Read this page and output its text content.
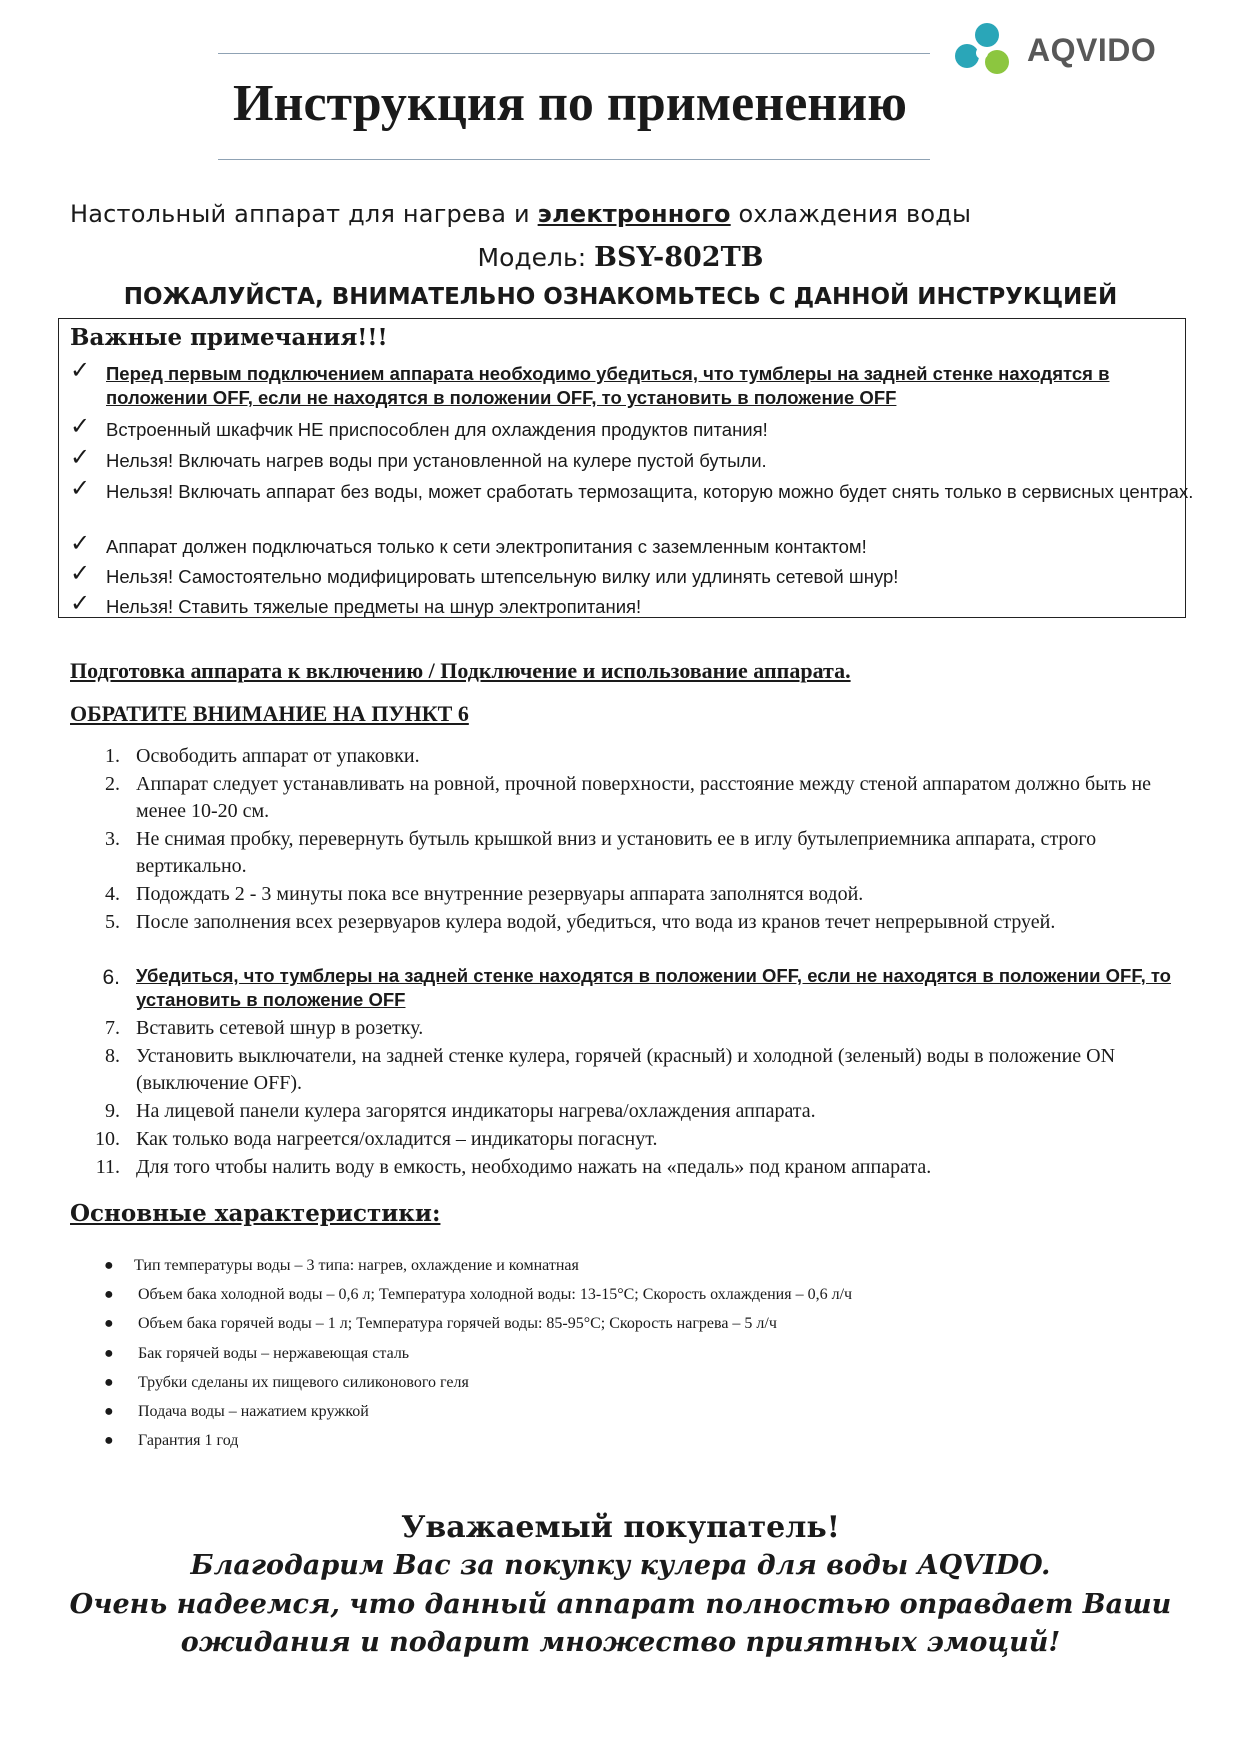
AQVIDO
Инструкция по применению
Настольный аппарат для нагрева и электронного охлаждения воды
Модель: BSY-802TB
ПОЖАЛУЙСТА, ВНИМАТЕЛЬНО ОЗНАКОМЬТЕСЬ С ДАННОЙ ИНСТРУКЦИЕЙ
Важные примечания!!!
✓ Перед первым подключением аппарата необходимо убедиться, что тумблеры на задней стенке находятся в положении OFF, если не находятся в положении OFF, то установить в положение OFF
✓ Встроенный шкафчик НЕ приспособлен для охлаждения продуктов питания!
✓ Нельзя! Включать нагрев воды при установленной на кулере пустой бутыли.
✓ Нельзя! Включать аппарат без воды, может сработать термозащита, которую можно будет снять только в сервисных центрах.
✓ Аппарат должен подключаться только к сети электропитания с заземленным контактом!
✓ Нельзя! Самостоятельно модифицировать штепсельную вилку или удлинять сетевой шнур!
✓ Нельзя! Ставить тяжелые предметы на шнур электропитания!
Подготовка аппарата к включению / Подключение и использование аппарата.
ОБРАТИТЕ ВНИМАНИЕ НА ПУНКТ 6
1. Освободить аппарат от упаковки.
2. Аппарат следует устанавливать на ровной, прочной поверхности, расстояние между стеной аппаратом должно быть не менее 10-20 см.
3. Не снимая пробку, перевернуть бутыль крышкой вниз и установить ее в иглу бутылеприемника аппарата, строго вертикально.
4. Подождать 2 - 3 минуты пока все внутренние резервуары аппарата заполнятся водой.
5. После заполнения всех резервуаров кулера водой, убедиться, что вода из кранов течет непрерывной струей.
6. Убедиться, что тумблеры на задней стенке находятся в положении OFF, если не находятся в положении OFF, то установить в положение OFF
7. Вставить сетевой шнур в розетку.
8. Установить выключатели, на задней стенке кулера, горячей (красный) и холодной (зеленый) воды в положение ON (выключение OFF).
9. На лицевой панели кулера загорятся индикаторы нагрева/охлаждения аппарата.
10. Как только вода нагреется/охладится – индикаторы погаснут.
11. Для того чтобы налить воду в емкость, необходимо нажать на «педаль» под краном аппарата.
Основные характеристики:
● Тип температуры воды – 3 типа: нагрев, охлаждение и комнатная
● Объем бака холодной воды – 0,6 л; Температура холодной воды: 13-15°С; Скорость охлаждения – 0,6 л/ч
● Объем бака горячей воды – 1 л; Температура горячей воды: 85-95°С; Скорость нагрева – 5 л/ч
● Бак горячей воды – нержавеющая сталь
● Трубки сделаны их пищевого силиконового геля
● Подача воды – нажатием кружкой
● Гарантия 1 год
Уважаемый покупатель!
Благодарим Вас за покупку кулера для воды AQVIDO.
Очень надеемся, что данный аппарат полностью оправдает Ваши
ожидания и подарит множество приятных эмоций!
